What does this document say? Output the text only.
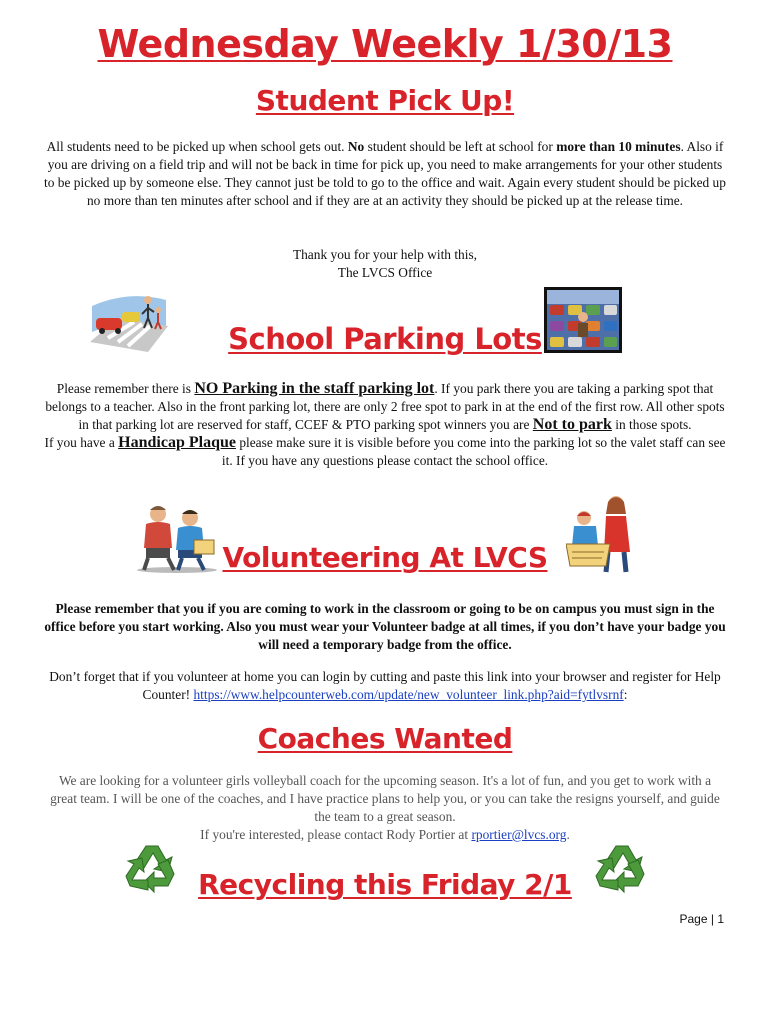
Wednesday Weekly 1/30/13
Student Pick Up!
All students need to be picked up when school gets out. No student should be left at school for more than 10 minutes. Also if you are driving on a field trip and will not be back in time for pick up, you need to make arrangements for your other students to be picked up by someone else. They cannot just be told to go to the office and wait. Again every student should be picked up no more than ten minutes after school and if they are at an activity they should be picked up at the release time.
Thank you for your help with this,
The LVCS Office
School Parking Lots
Please remember there is NO Parking in the staff parking lot. If you park there you are taking a parking spot that belongs to a teacher. Also in the front parking lot, there are only 2 free spot to park in at the end of the first row. All other spots in that parking lot are reserved for staff, CCEF & PTO parking spot winners you are Not to park in those spots.
If you have a Handicap Plaque please make sure it is visible before you come into the parking lot so the valet staff can see it. If you have any questions please contact the school office.
Volunteering At LVCS
Please remember that you if you are coming to work in the classroom or going to be on campus you must sign in the office before you start working. Also you must wear your Volunteer badge at all times, if you don’t have your badge you will need a temporary badge from the office.
Don’t forget that if you volunteer at home you can login by cutting and paste this link into your browser and register for Help Counter! https://www.helpcounterweb.com/update/new_volunteer_link.php?aid=fytlvsrnf:
Coaches Wanted
We are looking for a volunteer girls volleyball coach for the upcoming season. It's a lot of fun, and you get to work with a great team. I will be one of the coaches, and I have practice plans to help you, or you can take the resigns yourself, and guide the team to a great season.
If you're interested, please contact Rody Portier at rportier@lvcs.org.
Recycling this Friday 2/1
Page | 1
